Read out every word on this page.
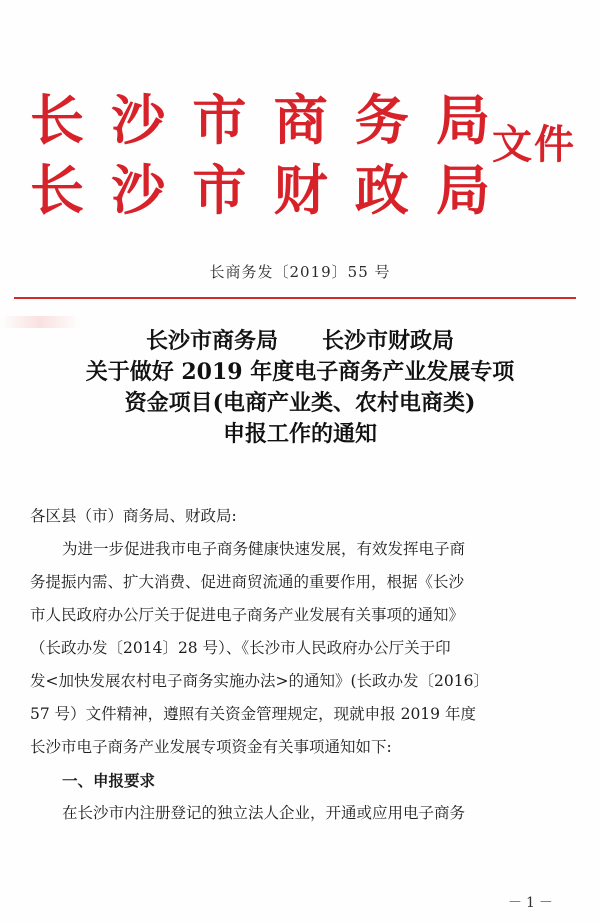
长 沙 市 商 务 局
长 沙 市 财 政 局
文件
长商务发〔2019〕55 号
长沙市商务局 长沙市财政局
关于做好 2019 年度电子商务产业发展专项
资金项目(电商产业类、农村电商类)
申报工作的通知
各区县（市）商务局、财政局:
为进一步促进我市电子商务健康快速发展，有效发挥电子商
务提振内需、扩大消费、促进商贸流通的重要作用，根据《长沙
市人民政府办公厅关于促进电子商务产业发展有关事项的通知》
（长政办发〔2014〕28 号）、《长沙市人民政府办公厅关于印
发<加快发展农村电子商务实施办法>的通知》(长政办发〔2016〕
57 号）文件精神，遵照有关资金管理规定，现就申报 2019 年度
长沙市电子商务产业发展专项资金有关事项通知如下:
一、申报要求
在长沙市内注册登记的独立法人企业，开通或应用电子商务
－1－
